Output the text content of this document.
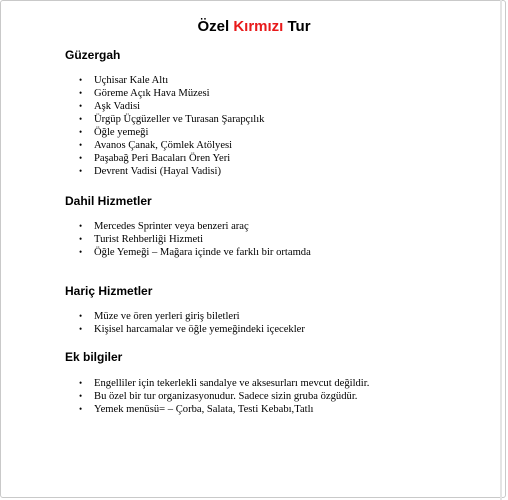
Özel Kırmızı Tur
Güzergah
• Uçhisar Kale Altı
• Göreme Açık Hava Müzesi
• Aşk Vadisi
• Ürgüp Üçgüzeller ve Turasan Şarapçılık
• Öğle yemeği
• Avanos Çanak, Çömlek Atölyesi
• Paşabağ Peri Bacaları Ören Yeri
• Devrent Vadisi (Hayal Vadisi)
Dahil Hizmetler
• Mercedes Sprinter veya benzeri araç
• Turist Rehberliği Hizmeti
• Öğle Yemeği – Mağara içinde ve farklı bir ortamda
Hariç Hizmetler
• Müze ve ören yerleri giriş biletleri
• Kişisel harcamalar ve öğle yemeğindeki içecekler
Ek bilgiler
• Engelliler için tekerlekli sandalye ve aksesurları mevcut değildir.
• Bu özel bir tur organizasyonudur. Sadece sizin gruba özgüdür.
• Yemek menüsü= – Çorba, Salata, Testi Kebabı,Tatlı
